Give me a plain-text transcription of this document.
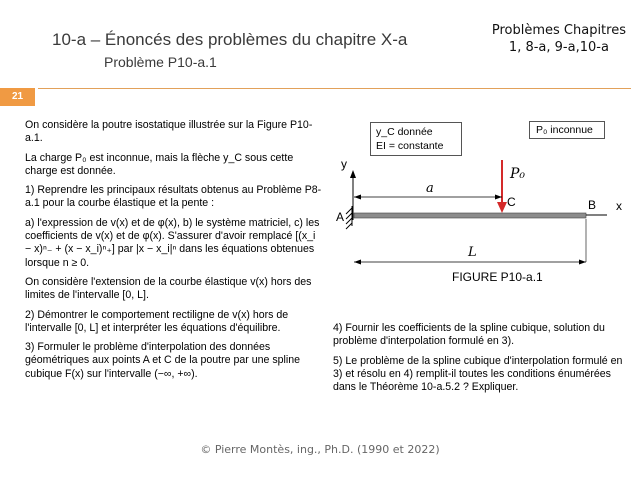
10-a – Énoncés des problèmes du chapitre X-a
Problème P10-a.1
Problèmes Chapitres
1, 8-a, 9-a,10-a
21

On considère la poutre isostatique illustrée sur la Figure P10-a.1.

La charge P₀ est inconnue, mais la flèche y_C sous cette charge est donnée.

1) Reprendre les principaux résultats obtenus au Problème P8-a.1 pour la courbe élastique et la pente :

a) l'expression de v(x) et de φ(x), b) le système matriciel, c) les coefficients de v(x) et de φ(x). S'assurer d'avoir remplacé [(x_i − x)ⁿ₋ + (x − x_i)ⁿ₊] par |x − x_i|ⁿ dans les équations obtenues lorsque n ≥ 0.

On considère l'extension de la courbe élastique v(x) hors des limites de l'intervalle [0, L].

2) Démontrer le comportement rectiligne de v(x) hors de l'intervalle [0, L] et interpréter les équations d'équilibre.

3) Formuler le problème d'interpolation des données géométriques aux points A et C de la poutre par une spline cubique F(x) sur l'intervalle (−∞, +∞).

y_C donnée
EI = constante
P₀ inconnue
y
A
B x
P₀
C
a
L
FIGURE P10-a.1

4) Fournir les coefficients de la spline cubique, solution du problème d'interpolation formulé en 3).

5) Le problème de la spline cubique d'interpolation formulé en 3) et résolu en 4) remplit-il toutes les conditions énumérées dans le Théorème 10-a.5.2 ? Expliquer.

© Pierre Montès, ing., Ph.D. (1990 et 2022)
